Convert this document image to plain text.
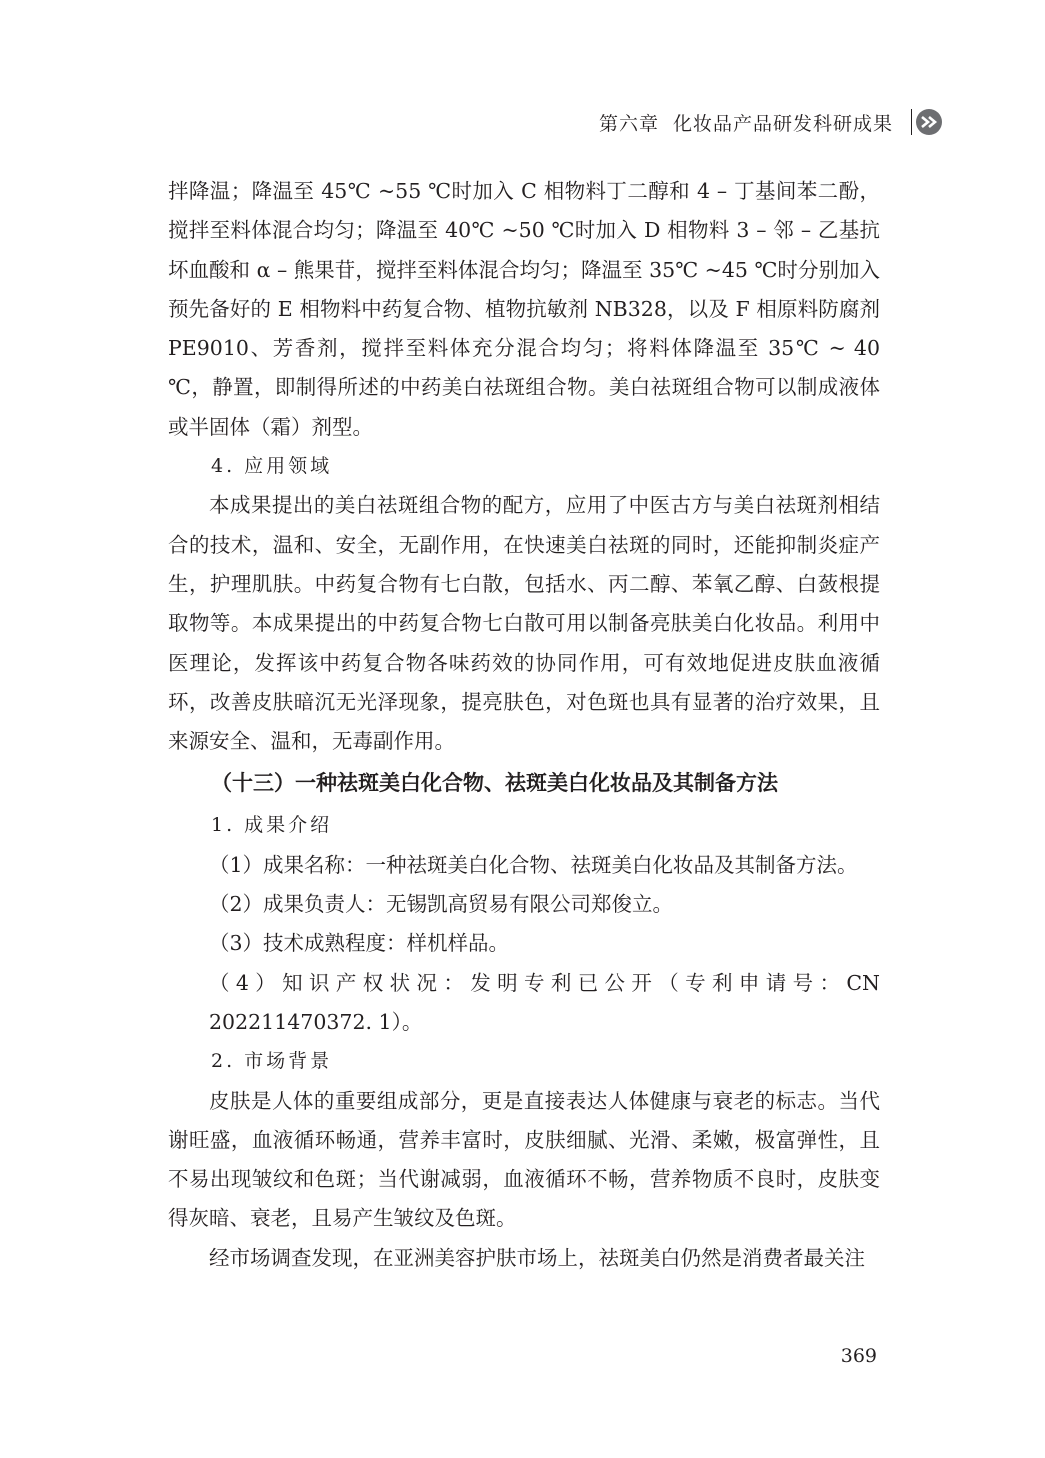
第六章 化妆品产品研发科研成果

拌降温；降温至 45℃ ~55 ℃时加入 C 相物料丁二醇和 4 – 丁基间苯二酚，搅拌至料体混合均匀；降温至 40℃ ~50 ℃时加入 D 相物料 3 – 邻 – 乙基抗坏血酸和 α – 熊果苷，搅拌至料体混合均匀；降温至 35℃ ~45 ℃时分别加入预先备好的 E 相物料中药复合物、植物抗敏剂 NB328，以及 F 相原料防腐剂 PE9010、芳香剂，搅拌至料体充分混合均匀；将料体降温至 35℃ ~ 40 ℃，静置，即制得所述的中药美白祛斑组合物。美白祛斑组合物可以制成液体或半固体（霜）剂型。

4. 应用领域

本成果提出的美白祛斑组合物的配方，应用了中医古方与美白祛斑剂相结合的技术，温和、安全，无副作用，在快速美白祛斑的同时，还能抑制炎症产生，护理肌肤。中药复合物有七白散，包括水、丙二醇、苯氧乙醇、白蔹根提取物等。本成果提出的中药复合物七白散可用以制备亮肤美白化妆品。利用中医理论，发挥该中药复合物各味药效的协同作用，可有效地促进皮肤血液循环，改善皮肤暗沉无光泽现象，提亮肤色，对色斑也具有显著的治疗效果，且来源安全、温和，无毒副作用。

（十三）一种祛斑美白化合物、祛斑美白化妆品及其制备方法

1. 成果介绍

（1）成果名称：一种祛斑美白化合物、祛斑美白化妆品及其制备方法。

（2）成果负责人：无锡凯高贸易有限公司郑俊立。

（3）技术成熟程度：样机样品。

（4）知识产权状况：发明专利已公开（专利申请号：CN 202211470372. 1）。

2. 市场背景

皮肤是人体的重要组成部分，更是直接表达人体健康与衰老的标志。当代谢旺盛，血液循环畅通，营养丰富时，皮肤细腻、光滑、柔嫩，极富弹性，且不易出现皱纹和色斑；当代谢减弱，血液循环不畅，营养物质不良时，皮肤变得灰暗、衰老，且易产生皱纹及色斑。

经市场调查发现，在亚洲美容护肤市场上，祛斑美白仍然是消费者最关注

369
